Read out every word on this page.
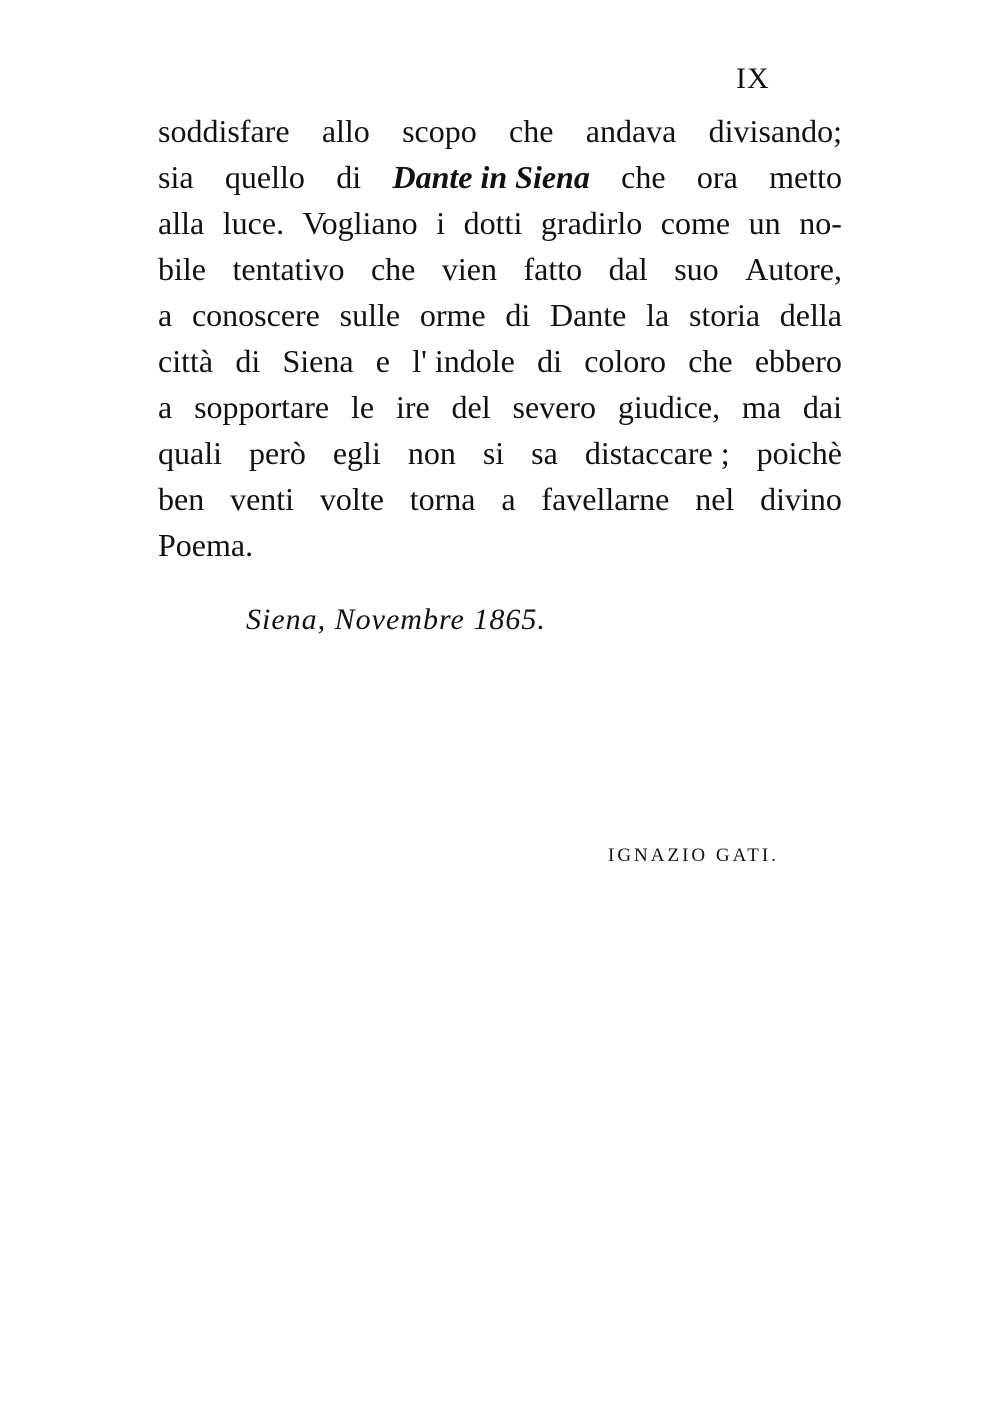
IX
soddisfare allo scopo che andava divisando;
sia quello di Dante in Siena che ora metto
alla luce. Vogliano i dotti gradirlo come un no-
bile tentativo che vien fatto dal suo Autore,
a conoscere sulle orme di Dante la storia della
città di Siena e l' indole di coloro che ebbero
a sopportare le ire del severo giudice, ma dai
quali però egli non si sa distaccare ; poichè
ben venti volte torna a favellarne nel divino
Poema.
Siena, Novembre 1865.
IGNAZIO GATI.
